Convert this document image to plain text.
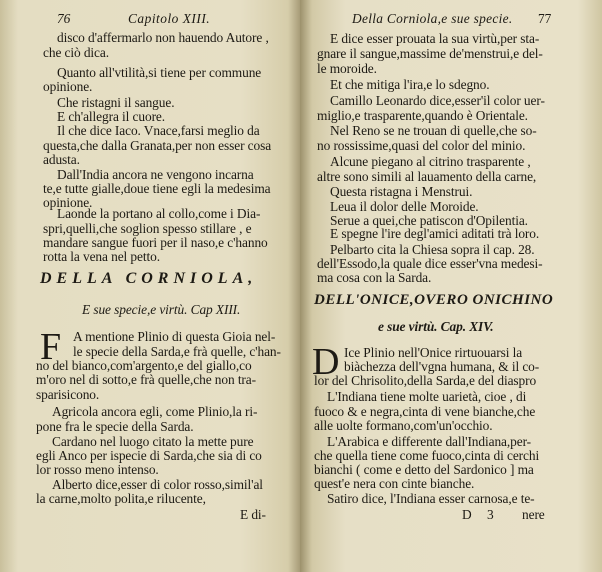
76	Capitolo XIII.
disco d'affermarlo non hauendo Autore ,
che ciò dica.
Quanto all'vtilità,si tiene per commune
opinione.
Che ristagni il sangue.
E ch'allegra il cuore.
Il che dice Iaco. Vnace,farsi meglio da
questa,che dalla Granata,per non esser cosa
adusta.
Dall'India ancora ne vengono incarna
te,e tutte gialle,doue tiene egli la medesima
opinione.
Laonde la portano al collo,come i Dia-
spri,quelli,che soglion spesso stillare , e
mandare sangue fuori per il naso,e c'hanno
rotta la vena nel petto.
DELLA CORNIOLA,
E sue specie,e virtù. Cap XIII.
F A mentione Plinio di questa Gioia nel-
le specie della Sarda,e frà quelle, c'han-
no del bianco,com'argento,e del giallo,co
m'oro nel di sotto,e frà quelle,che non tra-
sparisicono.
Agricola ancora egli, come Plinio,la ri-
pone fra le specie della Sarda.
Cardano nel luogo citato la mette pure
egli Anco per ispecie di Sarda,che sia di co
lor rosso meno intenso.
Alberto dice,esser di color rosso,simil'al
la carne,molto polita,e rilucente,
E di-
Della Corniola,e sue specie. 77
E dice esser prouata la sua virtù,per sta-
gnare il sangue,massime de'menstrui,e del-
le moroide.
Et che mitiga l'ira,e lo sdegno.
Camillo Leonardo dice,esser'il color uer-
miglio,e trasparente,quando è Orientale.
Nel Reno se ne trouan di quelle,che so-
no rossissime,quasi del color del minio.
Alcune piegano al citrino trasparente ,
altre sono simili al lauamento della carne,
Questa ristagna i Menstrui.
Leua il dolor delle Moroide.
Serue a quei,che patiscon d'Opilentia.
E spegne l'ire degl'amici aditati trà loro.
Pelbarto cita la Chiesa sopra il cap. 28.
dell'Essodo,la quale dice esser'vna medesi-
ma cosa con la Sarda.
DELL'ONICE,OVERO ONICHINO
e sue virtù. Cap. XIV.
D Ice Plinio nell'Onice rirtuouarsi la
biàchezza dell'vgna humana, & il co-
lor del Chrisolito,della Sarda,e del diaspro
L'Indiana tiene molte uarietà, cioe , di
fuoco & e negra,cinta di vene bianche,che
alle uolte formano,com'un'occhio.
L'Arabica e differente dall'Indiana,per-
che quella tiene come fuoco,cinta di cerchi
bianchi ( come e detto del Sardonico ] ma
quest'e nera con cinte bianche.
Satiro dice, l'Indiana esser carnosa,e te-
D 3 nere
